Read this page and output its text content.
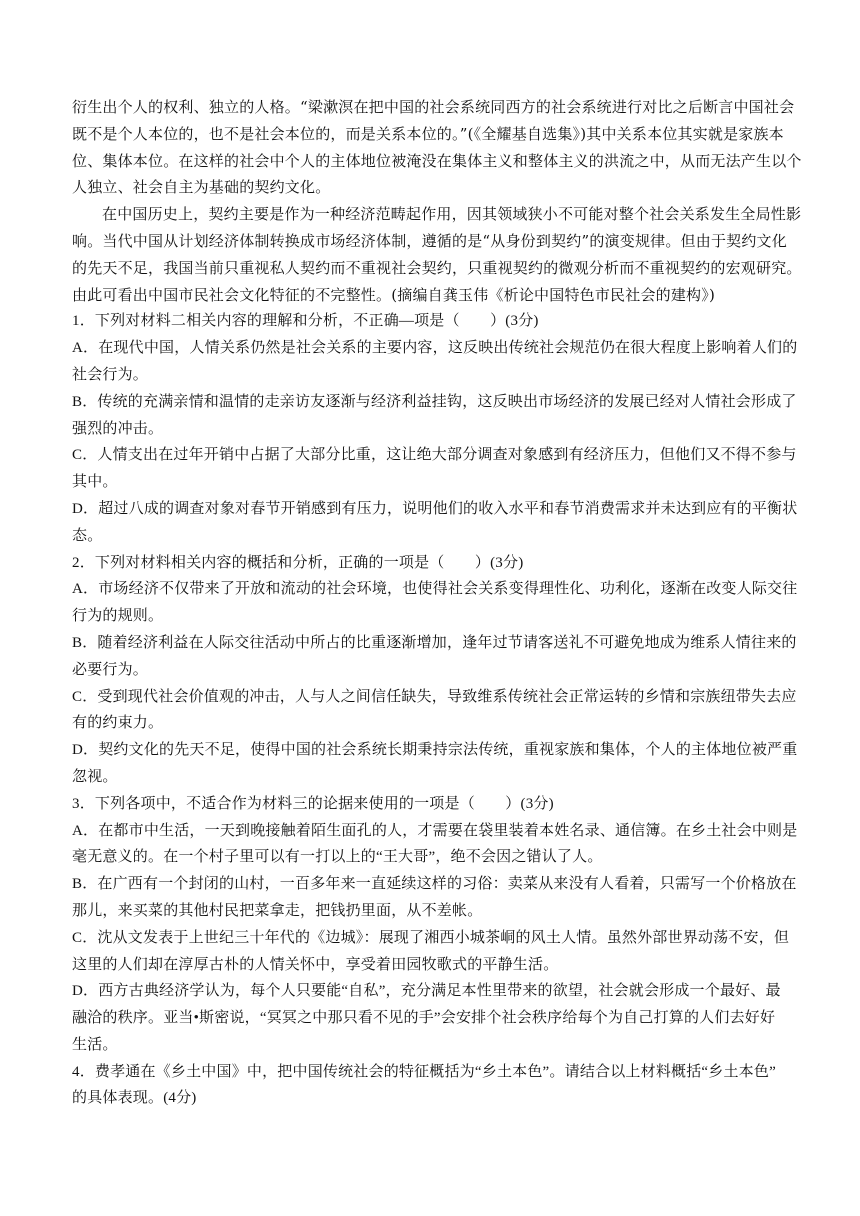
衍生出个人的权利、独立的人格。“梁漱溟在把中国的社会系统同西方的社会系统进行对比之后断言中国社会
既不是个人本位的，也不是社会本位的，而是关系本位的。”(《全耀基自选集》)其中关系本位其实就是家族本
位、集体本位。在这样的社会中个人的主体地位被淹没在集体主义和整体主义的洪流之中，从而无法产生以个
人独立、社会自主为基础的契约文化。
在中国历史上，契约主要是作为一种经济范畴起作用，因其领域狭小不可能对整个社会关系发生全局性影
响。当代中国从计划经济体制转换成市场经济体制，遵循的是“从身份到契约”的演变规律。但由于契约文化
的先天不足，我国当前只重视私人契约而不重视社会契约，只重视契约的微观分析而不重视契约的宏观研究。
由此可看出中国市民社会文化特征的不完整性。(摘编自龚玉伟《析论中国特色市民社会的建构》)
1．下列对材料二相关内容的理解和分析，不正确—项是（　　）(3分)
A．在现代中国，人情关系仍然是社会关系的主要内容，这反映出传统社会规范仍在很大程度上影响着人们的
社会行为。
B．传统的充满亲情和温情的走亲访友逐渐与经济利益挂钩，这反映出市场经济的发展已经对人情社会形成了
强烈的冲击。
C．人情支出在过年开销中占据了大部分比重，这让绝大部分调查对象感到有经济压力，但他们又不得不参与
其中。
D．超过八成的调查对象对春节开销感到有压力，说明他们的收入水平和春节消费需求并未达到应有的平衡状
态。
2．下列对材料相关内容的概括和分析，正确的一项是（　　）(3分)
A．市场经济不仅带来了开放和流动的社会环境，也使得社会关系变得理性化、功利化，逐渐在改变人际交往
行为的规则。
B．随着经济利益在人际交往活动中所占的比重逐渐增加，逢年过节请客送礼不可避免地成为维系人情往来的
必要行为。
C．受到现代社会价值观的冲击，人与人之间信任缺失，导致维系传统社会正常运转的乡情和宗族纽带失去应
有的约束力。
D．契约文化的先天不足，使得中国的社会系统长期秉持宗法传统，重视家族和集体，个人的主体地位被严重
忽视。
3．下列各项中，不适合作为材料三的论据来使用的一项是（　　）(3分)
A．在都市中生活，一天到晚接触着陌生面孔的人，才需要在袋里装着本姓名录、通信簿。在乡土社会中则是
毫无意义的。在一个村子里可以有一打以上的“王大哥”，绝不会因之错认了人。
B．在广西有一个封闭的山村，一百多年来一直延续这样的习俗：卖菜从来没有人看着，只需写一个价格放在
那儿，来买菜的其他村民把菜拿走，把钱扔里面，从不差帐。
C．沈从文发表于上世纪三十年代的《边城》：展现了湘西小城茶峒的风土人情。虽然外部世界动荡不安，但
这里的人们却在淳厚古朴的人情关怀中，享受着田园牧歌式的平静生活。
D．西方古典经济学认为，每个人只要能“自私”，充分满足本性里带来的欲望，社会就会形成一个最好、最
融洽的秩序。亚当•斯密说，“冥冥之中那只看不见的手”会安排个社会秩序给每个为自己打算的人们去好好
生活。
4．费孝通在《乡土中国》中，把中国传统社会的特征概括为“乡土本色”。请结合以上材料概括“乡土本色”
的具体表现。(4分)
